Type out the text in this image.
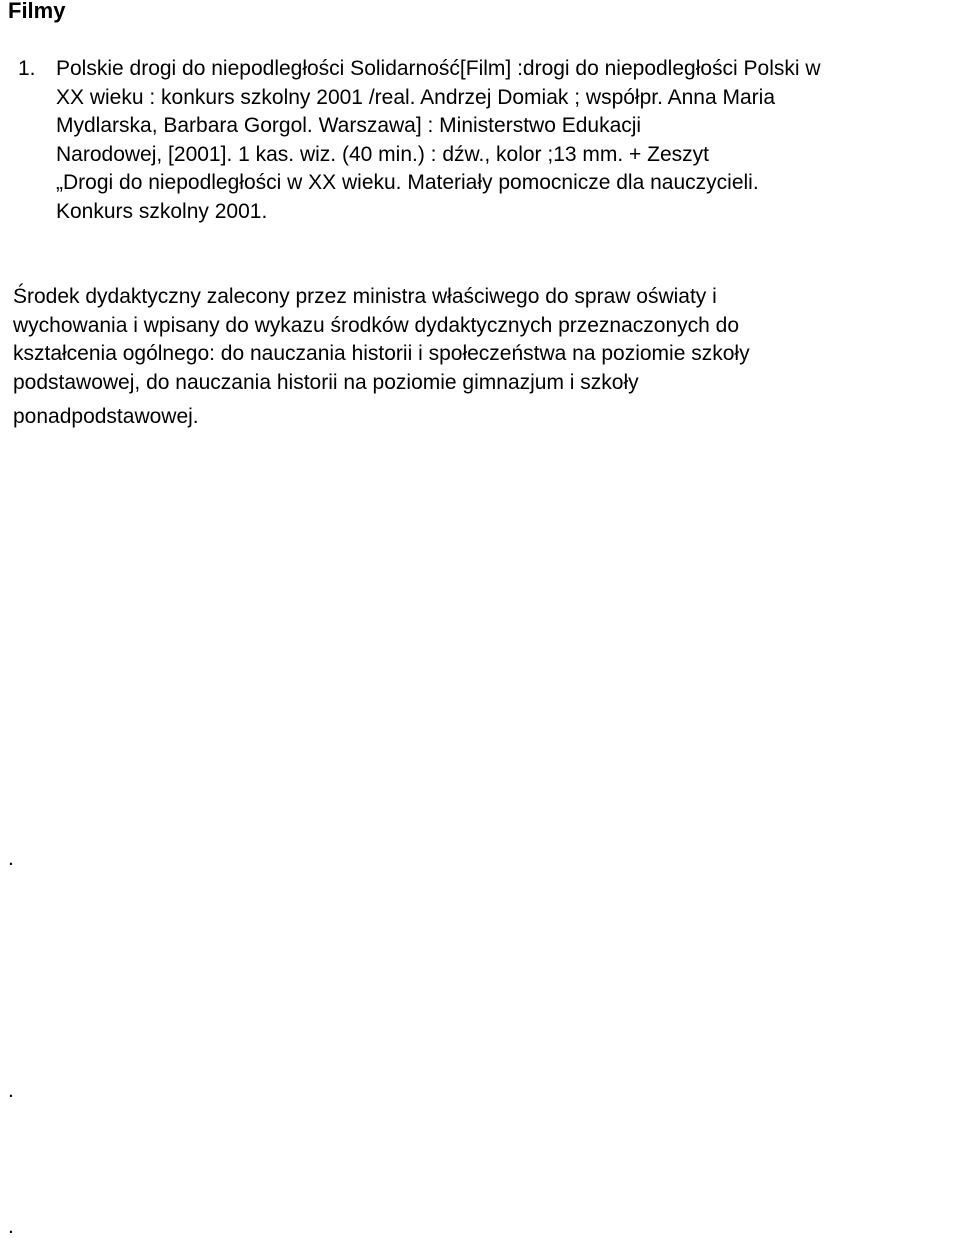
Filmy
1. Polskie drogi do niepodległości Solidarność[Film] :drogi do niepodległości Polski w
XX wieku : konkurs szkolny 2001 /real. Andrzej Domiak ; współpr. Anna Maria
Mydlarska, Barbara Gorgol. Warszawa] : Ministerstwo Edukacji
Narodowej, [2001]. 1 kas. wiz. (40 min.) : dźw., kolor ;13 mm. + Zeszyt
„Drogi do niepodległości w XX wieku. Materiały pomocnicze dla nauczycieli.
Konkurs szkolny 2001.
Środek dydaktyczny zalecony przez ministra właściwego do spraw oświaty i
wychowania i wpisany do wykazu środków dydaktycznych przeznaczonych do
kształcenia ogólnego: do nauczania historii i społeczeństwa na poziomie szkoły
podstawowej, do nauczania historii na poziomie gimnazjum i szkoły
ponadpodstawowej.
.
.
.
